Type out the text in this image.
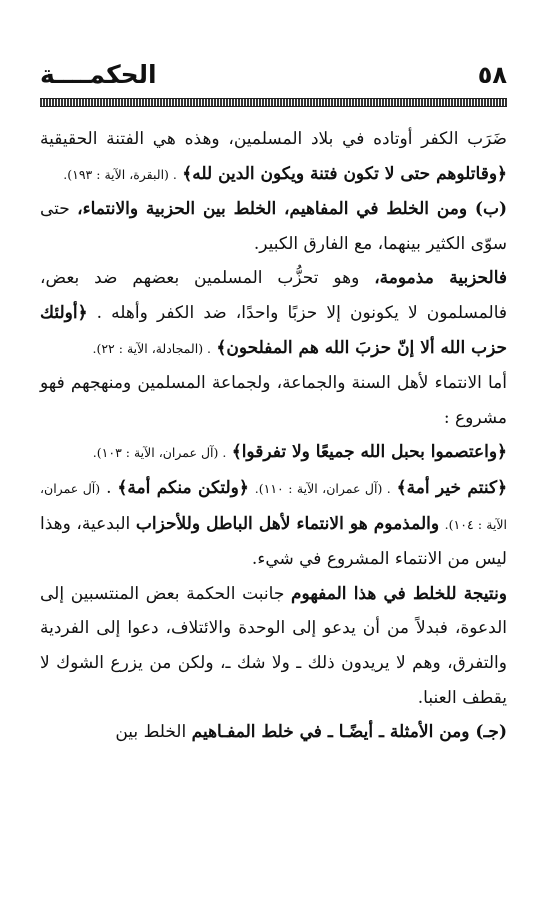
٥٨
الحكمــــة

ضَرَب الكفر أوتاده في بلاد المسلمين، وهذه هي الفتنة الحقيقية ﴿وقاتلوهم حتى لا تكون فتنة ويكون الدين لله﴾ . (البقرة، الآية : ١٩٣).

(ب) ومن الخلط في المفاهيم، الخلط بين الحزبية والانتماء، حتى سوّى الكثير بينهما، مع الفارق الكبير.

فالحزبية مذمومة، وهو تحزُّب المسلمين بعضهم ضد بعض، فالمسلمون لا يكونون إلا حزبًا واحدًا، ضد الكفر وأهله . ﴿أولئك حزب الله ألا إنّ حزبَ الله هم المفلحون﴾ . (المجادلة، الآية : ٢٢).

أما الانتماء لأهل السنة والجماعة، ولجماعة المسلمين ومنهجهم فهو مشروع :

﴿واعتصموا بحبل الله جميعًا ولا تفرقوا﴾ . (آل عمران، الآية : ١٠٣).

﴿كنتم خير أمة﴾ . (آل عمران، الآية : ١١٠). ﴿ولتكن منكم أمة﴾ . (آل عمران، الآية : ١٠٤). والمذموم هو الانتماء لأهل الباطل وللأحزاب البدعية، وهذا ليس من الانتماء المشروع في شيء.

ونتيجة للخلط في هذا المفهوم جانبت الحكمة بعض المنتسبين إلى الدعوة، فبدلاً من أن يدعو إلى الوحدة والائتلاف، دعوا إلى الفردية والتفرق، وهم لا يريدون ذلك ـ ولا شك ـ، ولكن من يزرع الشوك لا يقطف العنبا.

(جـ) ومن الأمثلة ـ أيضًـا ـ في خلط المفـاهيم الخلط بين
